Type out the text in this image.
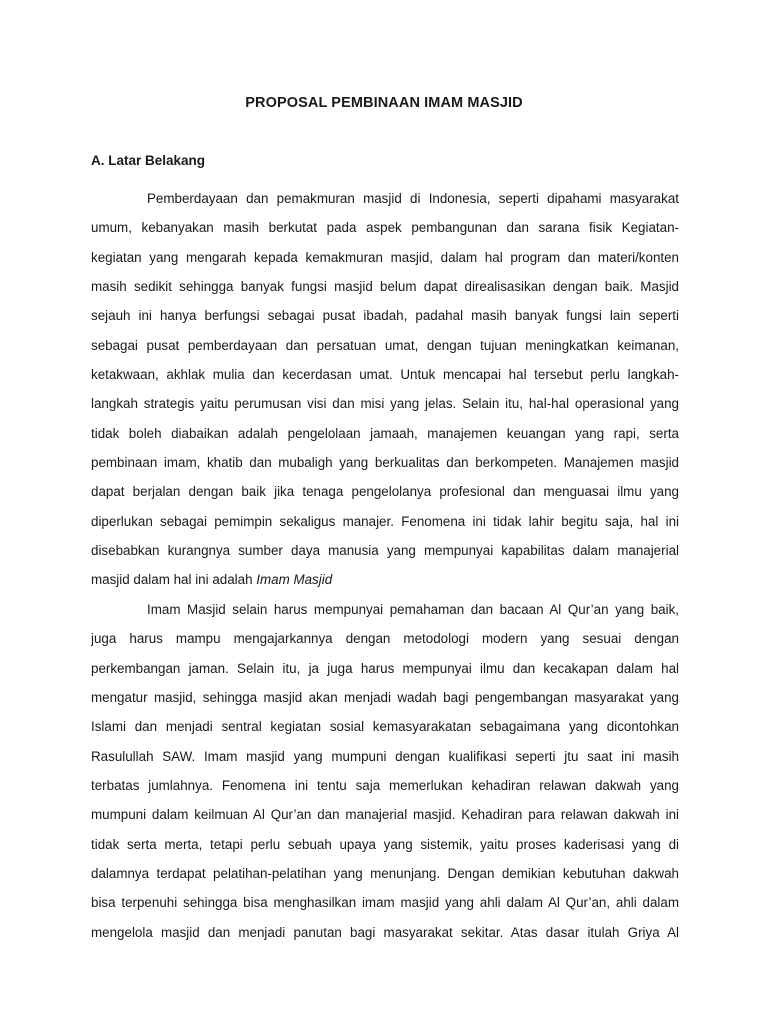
PROPOSAL PEMBINAAN IMAM MASJID
A. Latar Belakang

Pemberdayaan dan pemakmuran masjid di Indonesia, seperti dipahami masyarakat
umum, kebanyakan masih berkutat pada aspek pembangunan dan sarana fisik Kegiatan-
kegiatan yang mengarah kepada kemakmuran masjid, dalam hal program dan materi/konten
masih sedikit sehingga banyak fungsi masjid belum dapat direalisasikan dengan baik. Masjid
sejauh ini hanya berfungsi sebagai pusat ibadah, padahal masih banyak fungsi lain seperti
sebagai pusat pemberdayaan dan persatuan umat, dengan tujuan meningkatkan keimanan,
ketakwaan, akhlak mulia dan kecerdasan umat. Untuk mencapai hal tersebut perlu langkah-
langkah strategis yaitu perumusan visi dan misi yang jelas. Selain itu, hal-hal operasional yang
tidak boleh diabaikan adalah pengelolaan jamaah, manajemen keuangan yang rapi, serta
pembinaan imam, khatib dan mubaligh yang berkualitas dan berkompeten. Manajemen masjid
dapat berjalan dengan baik jika tenaga pengelolanya profesional dan menguasai ilmu yang
diperlukan sebagai pemimpin sekaligus manajer. Fenomena ini tidak lahir begitu saja, hal ini
disebabkan kurangnya sumber daya manusia yang mempunyai kapabilitas dalam manajerial
masjid dalam hal ini adalah Imam Masjid

Imam Masjid selain harus mempunyai pemahaman dan bacaan Al Qur’an yang baik,
juga harus mampu mengajarkannya dengan metodologi modern yang sesuai dengan
perkembangan jaman. Selain itu, ja juga harus mempunyai ilmu dan kecakapan dalam hal
mengatur masjid, sehingga masjid akan menjadi wadah bagi pengembangan masyarakat yang
Islami dan menjadi sentral kegiatan sosial kemasyarakatan sebagaimana yang dicontohkan
Rasulullah SAW. Imam masjid yang mumpuni dengan kualifikasi seperti jtu saat ini masih
terbatas jumlahnya. Fenomena ini tentu saja memerlukan kehadiran relawan dakwah yang
mumpuni dalam keilmuan Al Qur’an dan manajerial masjid. Kehadiran para relawan dakwah ini
tidak serta merta, tetapi perlu sebuah upaya yang sistemik, yaitu proses kaderisasi yang di
dalamnya terdapat pelatihan-pelatihan yang menunjang. Dengan demikian kebutuhan dakwah
bisa terpenuhi sehingga bisa menghasilkan imam masjid yang ahli dalam Al Qur’an, ahli dalam
mengelola masjid dan menjadi panutan bagi masyarakat sekitar. Atas dasar itulah Griya Al
